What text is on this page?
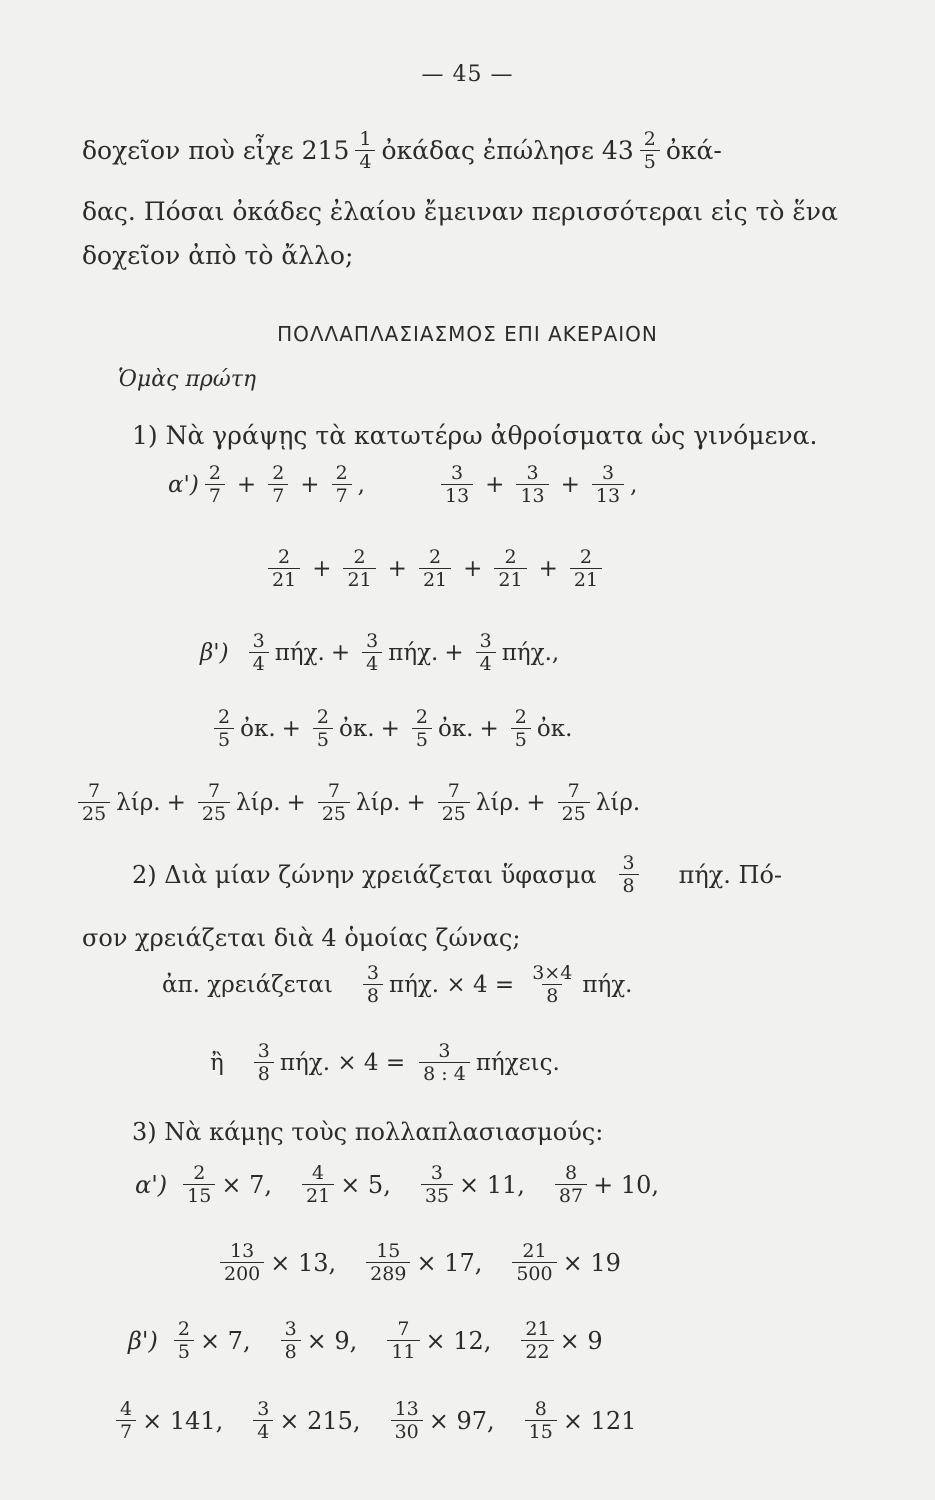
— 45 —
δοχεῖον ποὺ εἶχε $215 \frac{1}{4}$ ὀκάδας ἐπώλησε $43 \frac{2}{5}$ ὀκά-
δας. Πόσαι ὀκάδες ἐλαίου ἔμειναν περισσότεραι εἰς τὸ ἕνα
δοχεῖον ἀπὸ τὸ ἄλλο;
ΠΟΛΛΑΠΛΑΣΙΑΣΜΟΣ ΕΠΙ ΑΚΕΡΑΙΟΝ
Ὁμὰς πρώτη
1) Νὰ γράψῃς τὰ κατωτέρω ἀθροίσματα ὡς γινόμενα.
$\alpha') \frac{2}{7} + \frac{2}{7} + \frac{2}{7}$ ,	$\frac{3}{13} + \frac{3}{13} + \frac{3}{13}$ ,
$\frac{2}{21} + \frac{2}{21} + \frac{2}{21} + \frac{2}{21} + \frac{2}{21}$
$\beta') \frac{3}{4} \pi ή\chi$. + $\frac{3}{4} \pi ή\chi$. + $\frac{3}{4} \pi ή\chi$. ,
$\frac{2}{5}$ ὀκ. + $\frac{2}{5}$ ὀκ. + $\frac{2}{5}$ ὀκ. + $\frac{2}{5}$ ὀκ.
$\frac{7}{25} \lambda ί\rho$. + $\frac{7}{25} \lambda ί\rho$. + $\frac{7}{25} \lambda ί\rho$. + $\frac{7}{25} \lambda ί\rho$. + $\frac{7}{25} \lambda ί\rho$.
2) Διὰ μίαν ζώνην χρειάζεται ὕφασμα $\frac{3}{8} \pi ή\chi$. Πό-
σον χρειάζεται διὰ 4 ὁμοίας ζώνας;
ἀπ. χρειάζεται $\frac{3}{8} \pi ή\chi$. × $4 = \frac{3\times 4}{8} \pi ή\chi$.
ἢ $\frac{3}{8} \pi ή\chi$. × $4 = \frac{3}{8 : 4} \pi ή\chi\varepsilon\iota\varsigma$.
3) Νὰ κάμῃς τοὺς πολλαπλασιασμούς:
$\alpha') \frac{2}{15} \times 7$, $\frac{4}{21} \times 5$, $\frac{3}{35} \times 11$, $\frac{8}{87} + 10$,
$\frac{13}{200} \times 13$, $\frac{15}{289} \times 17$, $\frac{21}{500} \times 19$
$\beta') \frac{2}{5} \times 7$, $\frac{3}{8} \times 9$, $\frac{7}{11} \times 12$, $\frac{21}{22} \times 9$
$\frac{4}{7} \times 141$, $\frac{3}{4} \times 215$, $\frac{13}{30} \times 97$, $\frac{8}{15} \times 121$
